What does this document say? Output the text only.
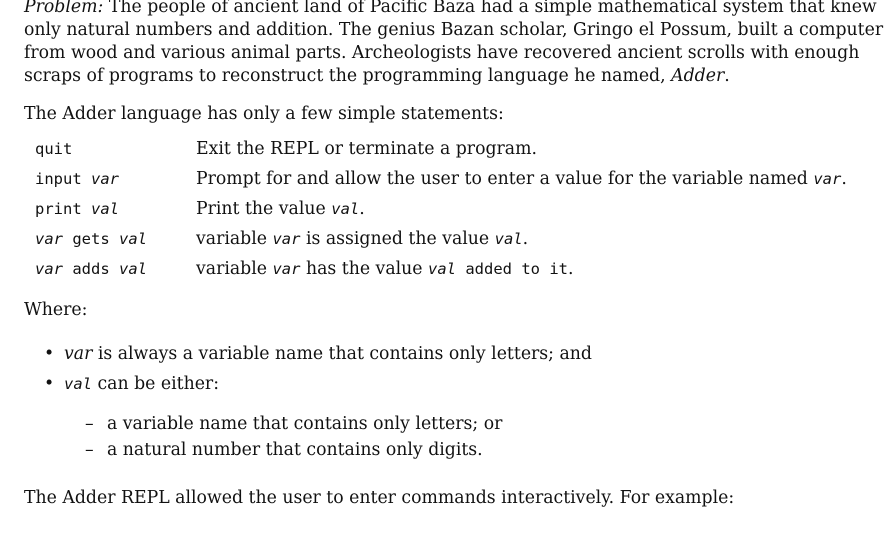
Problem: The people of ancient land of Pacific Baza had a simple mathematical system that knew only natural numbers and addition. The genius Bazan scholar, Gringo el Possum, built a computer from wood and various animal parts. Archeologists have recovered ancient scrolls with enough scraps of programs to reconstruct the programming language he named, Adder.

The Adder language has only a few simple statements:

quit	Exit the REPL or terminate a program.
input var	Prompt for and allow the user to enter a value for the variable named var.
print val	Print the value val.
var gets val	variable var is assigned the value val.
var adds val	variable var has the value val added to it.

Where:

• var is always a variable name that contains only letters; and
• val can be either:
– a variable name that contains only letters; or
– a natural number that contains only digits.

The Adder REPL allowed the user to enter commands interactively. For example:
